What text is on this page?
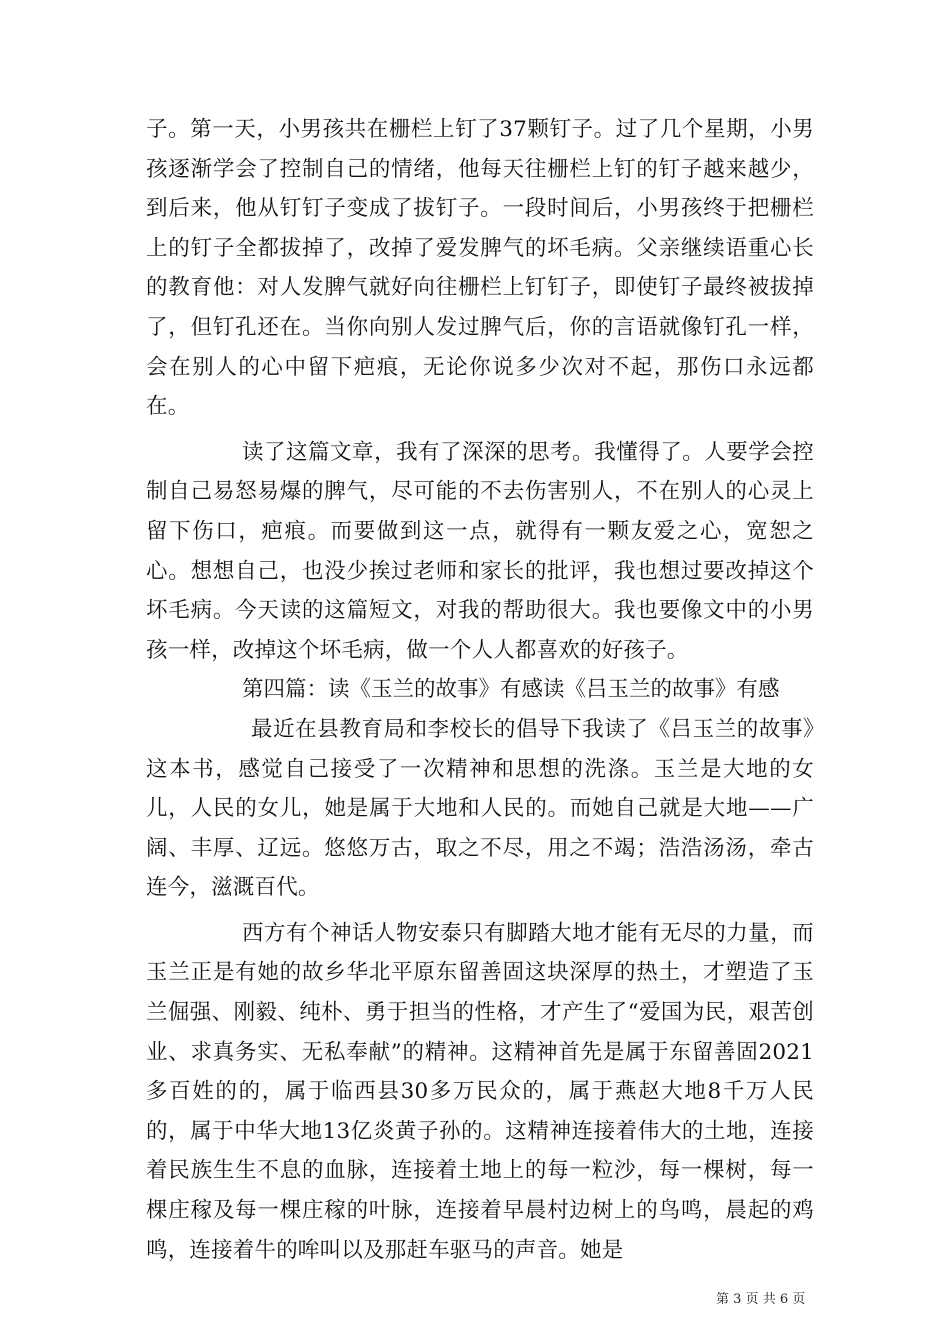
子。第一天，小男孩共在栅栏上钉了37颗钉子。过了几个星期，小男孩逐渐学会了控制自己的情绪，他每天往栅栏上钉的钉子越来越少，到后来，他从钉钉子变成了拔钉子。一段时间后，小男孩终于把栅栏上的钉子全都拔掉了，改掉了爱发脾气的坏毛病。父亲继续语重心长的教育他：对人发脾气就好向往栅栏上钉钉子，即使钉子最终被拔掉了，但钉孔还在。当你向别人发过脾气后，你的言语就像钉孔一样，会在别人的心中留下疤痕，无论你说多少次对不起，那伤口永远都在。

读了这篇文章，我有了深深的思考。我懂得了。人要学会控制自己易怒易爆的脾气，尽可能的不去伤害别人，不在别人的心灵上留下伤口，疤痕。而要做到这一点，就得有一颗友爱之心，宽恕之心。想想自己，也没少挨过老师和家长的批评，我也想过要改掉这个坏毛病。今天读的这篇短文，对我的帮助很大。我也要像文中的小男孩一样，改掉这个坏毛病，做一个人人都喜欢的好孩子。

第四篇：读《玉兰的故事》有感读《吕玉兰的故事》有感

最近在县教育局和李校长的倡导下我读了《吕玉兰的故事》这本书，感觉自己接受了一次精神和思想的洗涤。玉兰是大地的女儿，人民的女儿，她是属于大地和人民的。而她自己就是大地——广阔、丰厚、辽远。悠悠万古，取之不尽，用之不竭；浩浩汤汤，牵古连今，滋溉百代。

西方有个神话人物安泰只有脚踏大地才能有无尽的力量，而玉兰正是有她的故乡华北平原东留善固这块深厚的热土，才塑造了玉兰倔强、刚毅、纯朴、勇于担当的性格，才产生了“爱国为民，艰苦创业、求真务实、无私奉献”的精神。这精神首先是属于东留善固2021多百姓的的，属于临西县30多万民众的，属于燕赵大地8千万人民的，属于中华大地13亿炎黄子孙的。这精神连接着伟大的土地，连接着民族生生不息的血脉，连接着土地上的每一粒沙，每一棵树，每一棵庄稼及每一棵庄稼的叶脉，连接着早晨村边树上的鸟鸣，晨起的鸡鸣，连接着牛的哞叫以及那赶车驱马的声音。她是

第 3 页 共 6 页
